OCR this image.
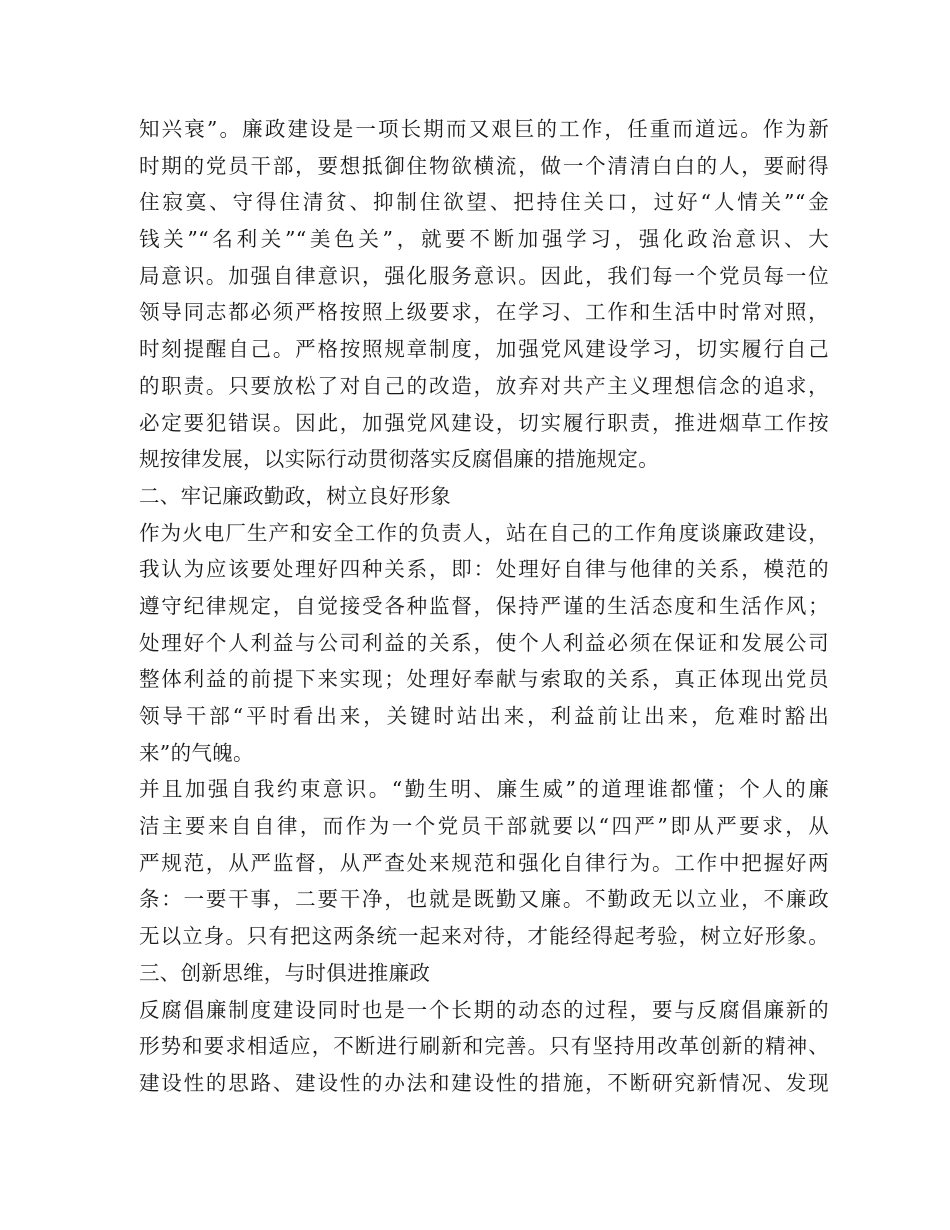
知兴衰”。廉政建设是一项长期而又艰巨的工作，任重而道远。作为新
时期的党员干部，要想抵御住物欲横流，做一个清清白白的人，要耐得
住寂寞、守得住清贫、抑制住欲望、把持住关口，过好“人情关”“金
钱关”“名利关”“美色关”，就要不断加强学习，强化政治意识、大
局意识。加强自律意识，强化服务意识。因此，我们每一个党员每一位
领导同志都必须严格按照上级要求，在学习、工作和生活中时常对照，
时刻提醒自己。严格按照规章制度，加强党风建设学习，切实履行自己
的职责。只要放松了对自己的改造，放弃对共产主义理想信念的追求，
必定要犯错误。因此，加强党风建设，切实履行职责，推进烟草工作按
规按律发展，以实际行动贯彻落实反腐倡廉的措施规定。
二、牢记廉政勤政，树立良好形象
作为火电厂生产和安全工作的负责人，站在自己的工作角度谈廉政建设，
我认为应该要处理好四种关系，即：处理好自律与他律的关系，模范的
遵守纪律规定，自觉接受各种监督，保持严谨的生活态度和生活作风；
处理好个人利益与公司利益的关系，使个人利益必须在保证和发展公司
整体利益的前提下来实现；处理好奉献与索取的关系，真正体现出党员
领导干部“平时看出来，关键时站出来，利益前让出来，危难时豁出
来”的气魄。
并且加强自我约束意识。“勤生明、廉生威”的道理谁都懂；个人的廉
洁主要来自自律，而作为一个党员干部就要以“四严”即从严要求，从
严规范，从严监督，从严查处来规范和强化自律行为。工作中把握好两
条：一要干事，二要干净，也就是既勤又廉。不勤政无以立业，不廉政
无以立身。只有把这两条统一起来对待，才能经得起考验，树立好形象。
三、创新思维，与时俱进推廉政
反腐倡廉制度建设同时也是一个长期的动态的过程，要与反腐倡廉新的
形势和要求相适应，不断进行刷新和完善。只有坚持用改革创新的精神、
建设性的思路、建设性的办法和建设性的措施，不断研究新情况、发现
